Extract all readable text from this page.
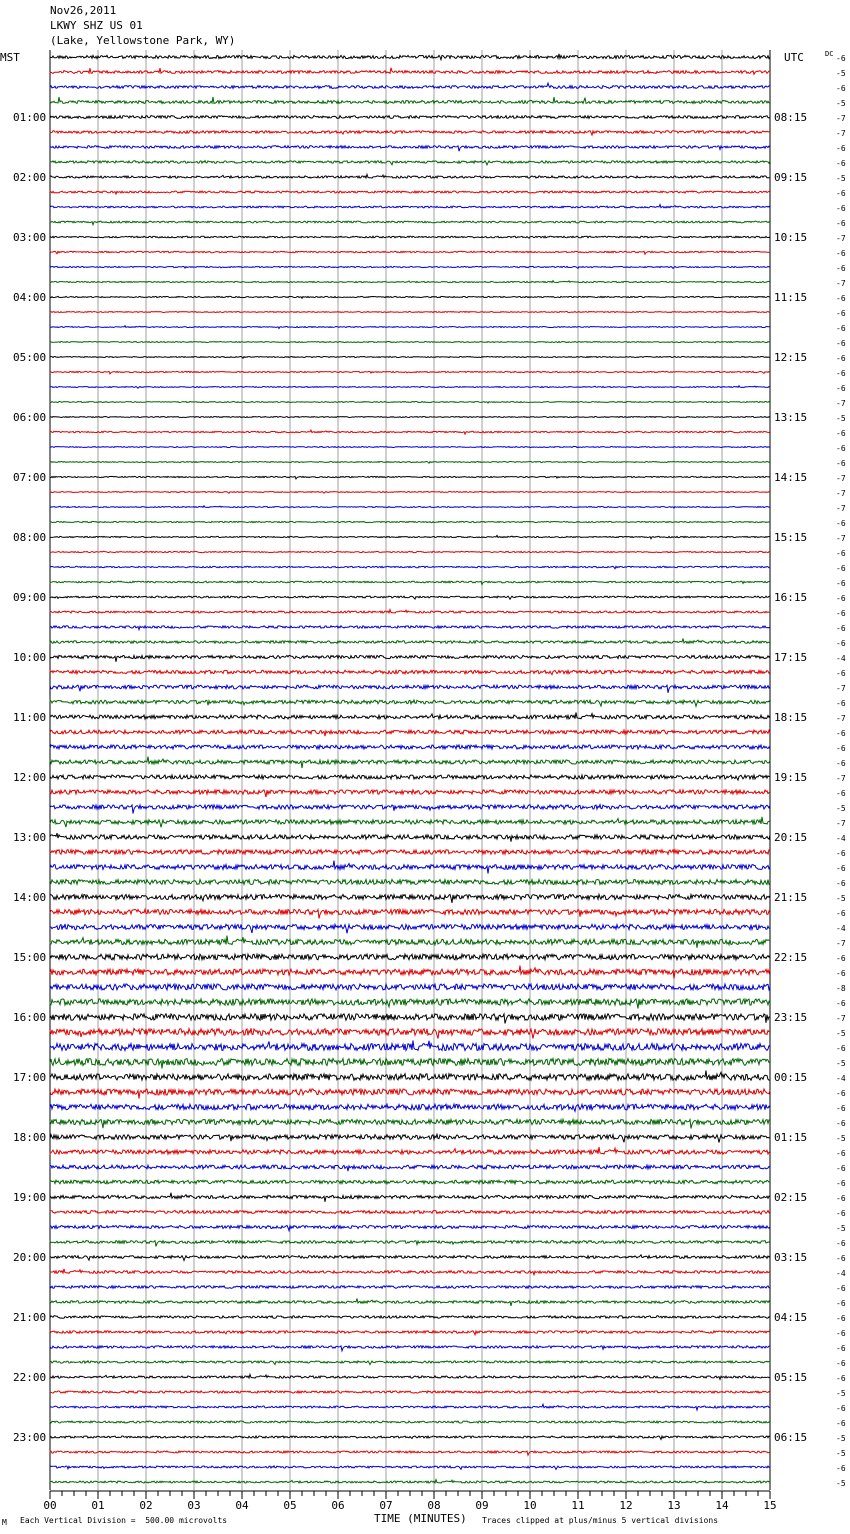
Nov26,2011
LKWY SHZ US 01
(Lake, Yellowstone Park, WY)
00	01	02	03	04	05	06	07	08	09	10	11	12	13	14	15
-6
-5
-6
-5
-7
-7
-6
-6
-5
-6
-6
-6
-7
-6
-6
-7
-6
-6
-6
-6
-6
-6
-6
-7
-5
-6
-6
-6
-7
-7
-7
-6
-7
-6
-6
-6
-6
-6
-6
-6
-4
-6
-7
-6
-7
-6
-6
-6
-7
-6
-5
-7
-4
-6
-6
-6
-5
-6
-4
-7
-6
-6
-8
-6
-7
-5
-6
-5
-4
-6
-6
-6
-5
-6
-6
-6
-6
-6
-5
-6
-6
-4
-6
-6
-6
-6
-6
-6
-6
-5
-6
-6
-5
-5
-6
-5
01:00	08:15
02:00	09:15
03:00	10:15
04:00	11:15
05:00	12:15
06:00	13:15
07:00	14:15
08:00	15:15
09:00	16:15
10:00	17:15
11:00	18:15
12:00	19:15
13:00	20:15
14:00	21:15
15:00	22:15
16:00	23:15
17:00	00:15
18:00	01:15
19:00	02:15
20:00	03:15
21:00	04:15
22:00	05:15
23:00	06:15
MST	UTC	DC
M Each Vertical Division =  500.00 microvolts	TIME (MINUTES) Traces clipped at plus/minus 5 vertical divisions
